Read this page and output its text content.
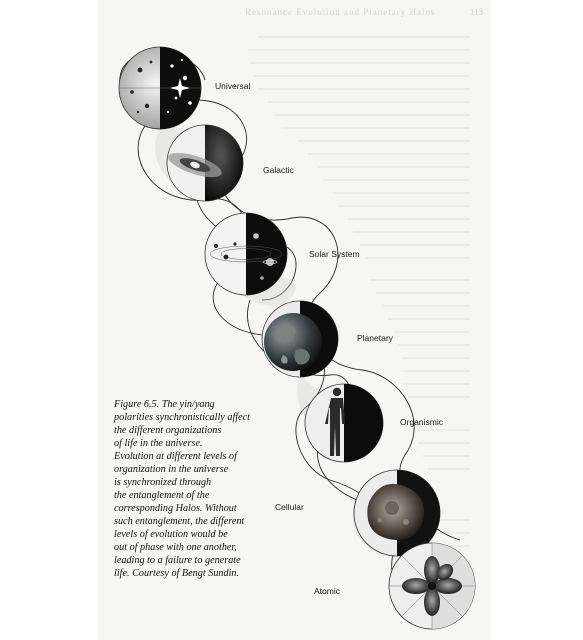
Resonance Evolution and Planetary Halos	113
Universal
Galactic
Solar System
Planetary
Organismic
Cellular
Atomic
Figure 6.5. The yin/yang
polarities synchronistically affect
the different organizations
of life in the universe.
Evolution at different levels of
organization in the universe
is synchronized through
the entanglement of the
corresponding Halos. Without
such entanglement, the different
levels of evolution would be
out of phase with one another,
leading to a failure to generate
life. Courtesy of Bengt Sundin.
